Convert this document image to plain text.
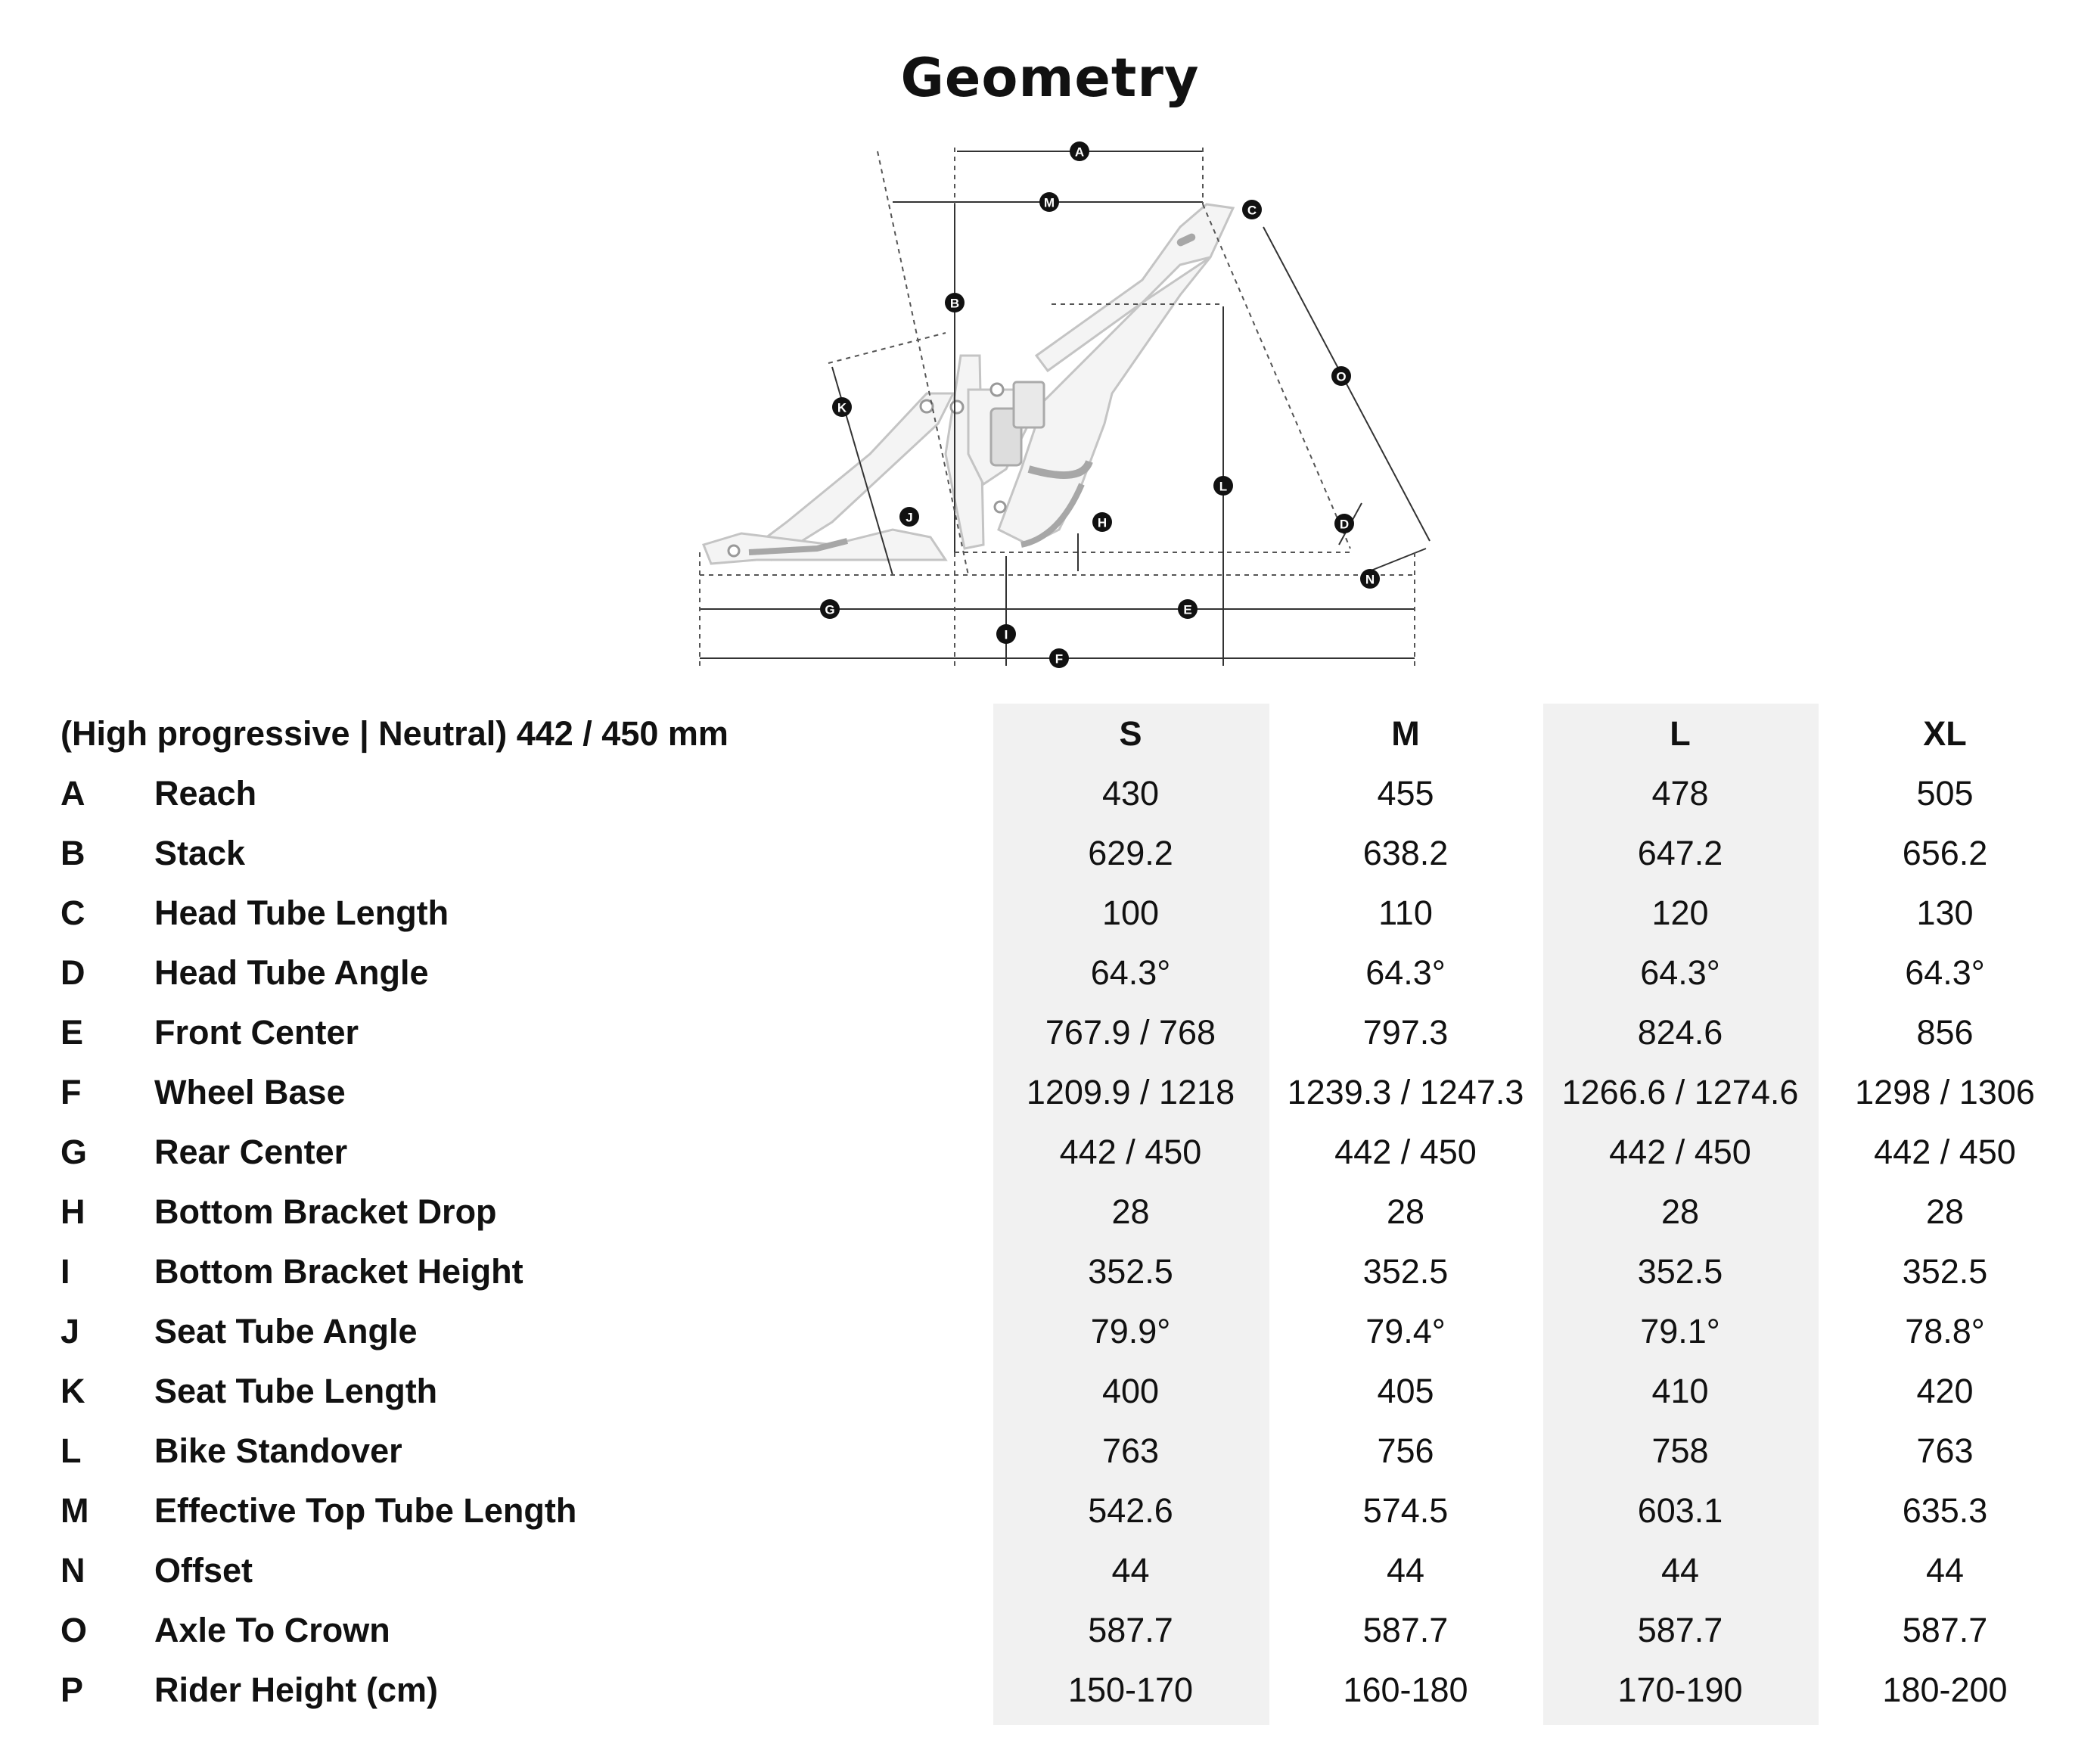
Geometry
A
M
C
B
O
K
L
J	H	D
N
G	E
I
F
(High progressive | Neutral) 442 / 450 mm		S	M	L	XL
A	Reach	430	455	478	505
B	Stack	629.2	638.2	647.2	656.2
C	Head Tube Length	100	110	120	130
D	Head Tube Angle	64.3°	64.3°	64.3°	64.3°
E	Front Center	767.9 / 768	797.3	824.6	856
F	Wheel Base	1209.9 / 1218	1239.3 / 1247.3	1266.6 / 1274.6	1298 / 1306
G	Rear Center	442 / 450	442 / 450	442 / 450	442 / 450
H	Bottom Bracket Drop	28	28	28	28
I	Bottom Bracket Height	352.5	352.5	352.5	352.5
J	Seat Tube Angle	79.9°	79.4°	79.1°	78.8°
K	Seat Tube Length	400	405	410	420
L	Bike Standover	763	756	758	763
M	Effective Top Tube Length	542.6	574.5	603.1	635.3
N	Offset	44	44	44	44
O	Axle To Crown	587.7	587.7	587.7	587.7
P	Rider Height (cm)	150-170	160-180	170-190	180-200
